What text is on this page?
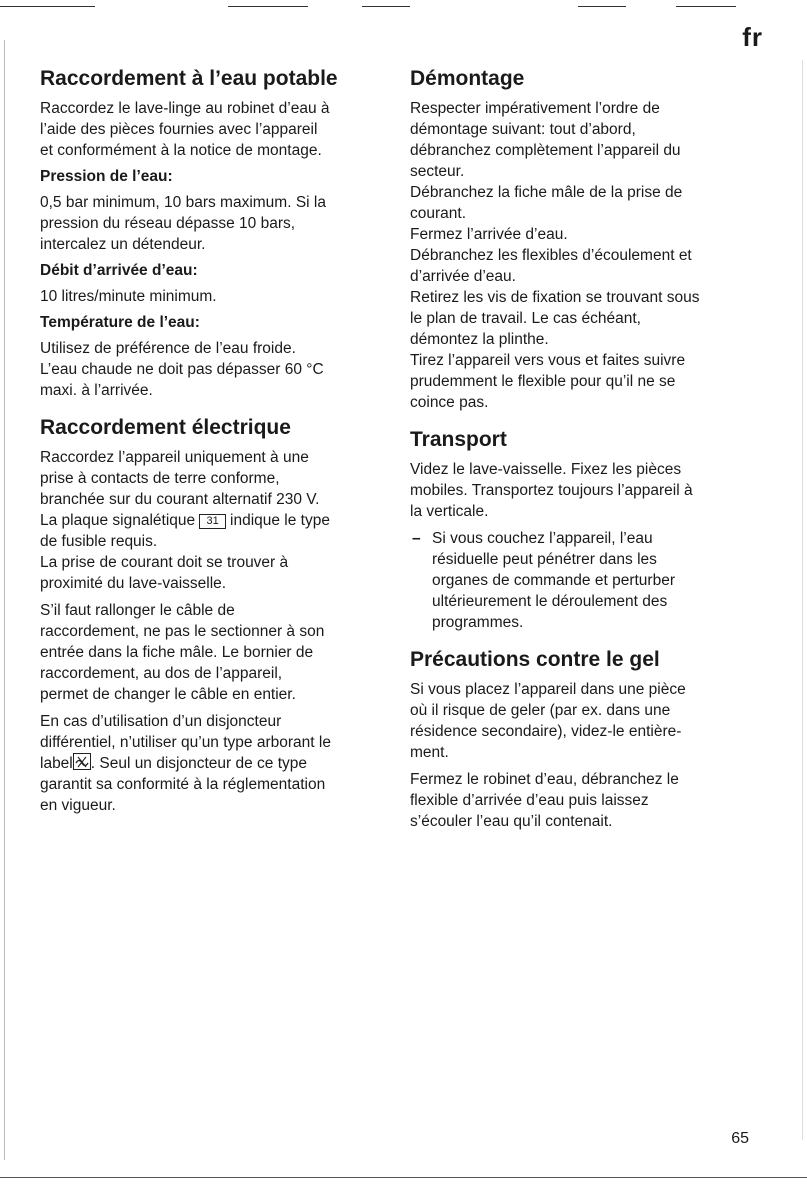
fr
Raccordement à l’eau potable

Raccordez le lave-linge au robinet d’eau à
l’aide des pièces fournies avec l’appareil
et conformément à la notice de montage.

Pression de l’eau:

0,5 bar minimum, 10 bars maximum. Si la
pression du réseau dépasse 10 bars,
intercalez un détendeur.

Débit d’arrivée d’eau:

10 litres/minute minimum.

Température de l’eau:

Utilisez de préférence de l’eau froide.
L’eau chaude ne doit pas dépasser 60 °C
maxi. à l’arrivée.

Raccordement électrique

Raccordez l’appareil uniquement à une
prise à contacts de terre conforme,
branchée sur du courant alternatif 230 V.
La plaque signalétique 31 indique le type
de fusible requis.
La prise de courant doit se trouver à
proximité du lave-vaisselle.

S’il faut rallonger le câble de
raccordement, ne pas le sectionner à son
entrée dans la fiche mâle. Le bornier de
raccordement, au dos de l’appareil,
permet de changer le câble en entier.

En cas d’utilisation d’un disjoncteur
différentiel, n’utiliser qu’un type arborant le
label . Seul un disjoncteur de ce type
garantit sa conformité à la réglementation
en vigueur.

Démontage

Respecter impérativement l’ordre de
démontage suivant: tout d’abord,
débranchez complètement l’appareil du
secteur.
Débranchez la fiche mâle de la prise de
courant.
Fermez l’arrivée d’eau.
Débranchez les flexibles d’écoulement et
d’arrivée d’eau.
Retirez les vis de fixation se trouvant sous
le plan de travail. Le cas échéant,
démontez la plinthe.
Tirez l’appareil vers vous et faites suivre
prudemment le flexible pour qu’il ne se
coince pas.

Transport

Videz le lave-vaisselle. Fixez les pièces
mobiles. Transportez toujours l’appareil à
la verticale.

– Si vous couchez l’appareil, l’eau
résiduelle peut pénétrer dans les
organes de commande et perturber
ultérieurement le déroulement des
programmes.
Précautions contre le gel

Si vous placez l’appareil dans une pièce
où il risque de geler (par ex. dans une
résidence secondaire), videz-le entière-
ment.

Fermez le robinet d’eau, débranchez le
flexible d’arrivée d’eau puis laissez
s’écouler l’eau qu’il contenait.

65
